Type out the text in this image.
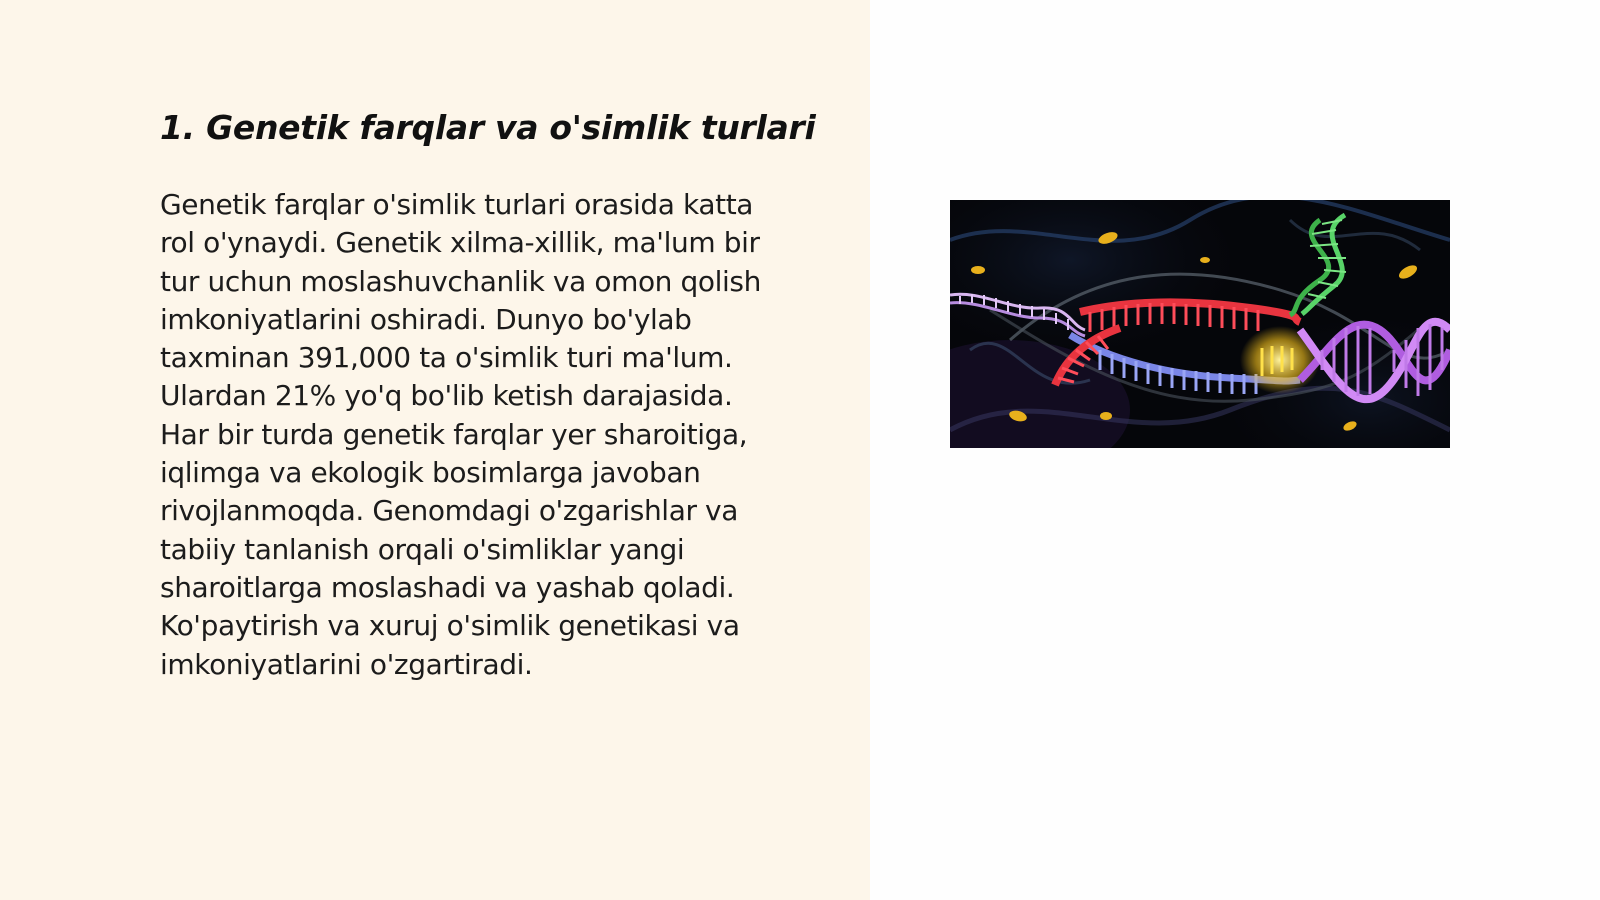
1. Genetik farqlar va o'simlik turlari

Genetik farqlar o'simlik turlari orasida katta
rol o'ynaydi. Genetik xilma-xillik, ma'lum bir
tur uchun moslashuvchanlik va omon qolish
imkoniyatlarini oshiradi. Dunyo bo'ylab
taxminan 391,000 ta o'simlik turi ma'lum.
Ulardan 21% yo'q bo'lib ketish darajasida.
Har bir turda genetik farqlar yer sharoitiga,
iqlimga va ekologik bosimlarga javoban
rivojlanmoqda. Genomdagi o'zgarishlar va
tabiiy tanlanish orqali o'simliklar yangi
sharoitlarga moslashadi va yashab qoladi.
Ko'paytirish va xuruj o'simlik genetikasi va
imkoniyatlarini o'zgartiradi.
